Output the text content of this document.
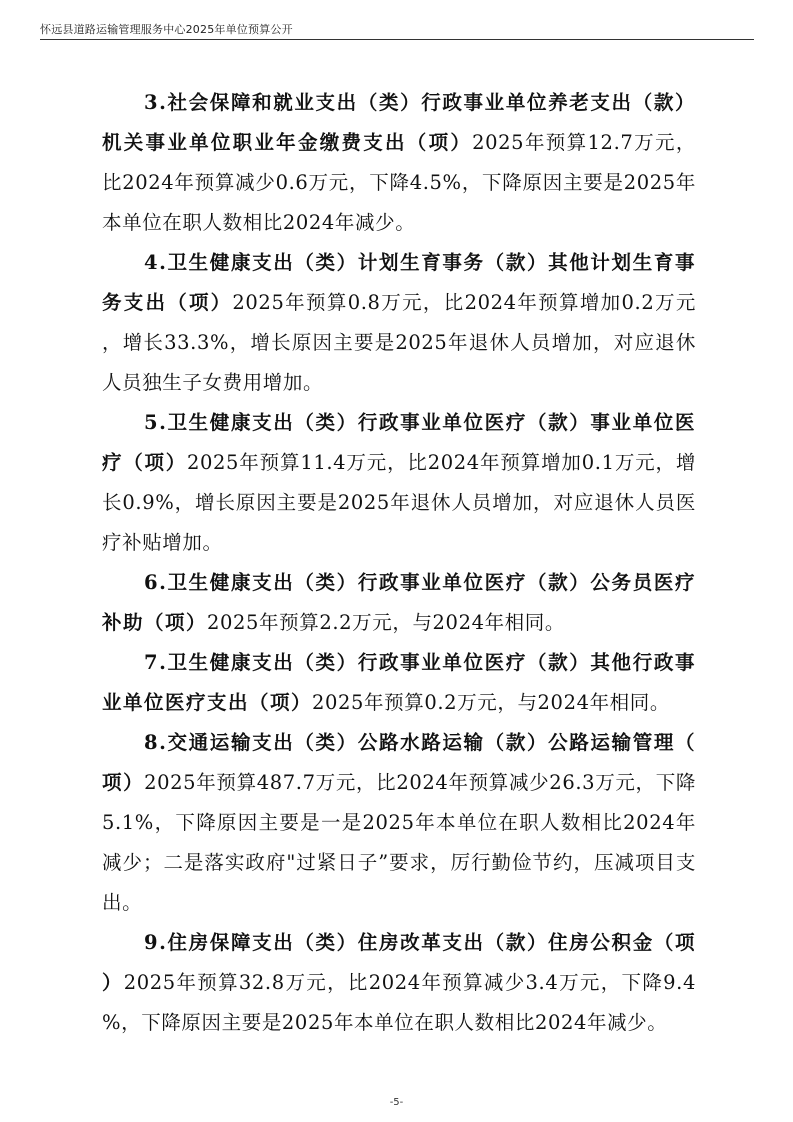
怀远县道路运输管理服务中心2025年单位预算公开

3.社会保障和就业支出（类）行政事业单位养老支出（款）机关事业单位职业年金缴费支出（项）2025年预算12.7万元，比2024年预算减少0.6万元，下降4.5%，下降原因主要是2025年本单位在职人数相比2024年减少。

4.卫生健康支出（类）计划生育事务（款）其他计划生育事务支出（项）2025年预算0.8万元，比2024年预算增加0.2万元，增长33.3%，增长原因主要是2025年退休人员增加，对应退休人员独生子女费用增加。

5.卫生健康支出（类）行政事业单位医疗（款）事业单位医疗（项）2025年预算11.4万元，比2024年预算增加0.1万元，增长0.9%，增长原因主要是2025年退休人员增加，对应退休人员医疗补贴增加。

6.卫生健康支出（类）行政事业单位医疗（款）公务员医疗补助（项）2025年预算2.2万元，与2024年相同。

7.卫生健康支出（类）行政事业单位医疗（款）其他行政事业单位医疗支出（项）2025年预算0.2万元，与2024年相同。

8.交通运输支出（类）公路水路运输（款）公路运输管理（项）2025年预算487.7万元，比2024年预算减少26.3万元，下降5.1%，下降原因主要是一是2025年本单位在职人数相比2024年减少；二是落实政府"过紧日子”要求，厉行勤俭节约，压减项目支出。

9.住房保障支出（类）住房改革支出（款）住房公积金（项）2025年预算32.8万元，比2024年预算减少3.4万元，下降9.4%，下降原因主要是2025年本单位在职人数相比2024年减少。

-5-
